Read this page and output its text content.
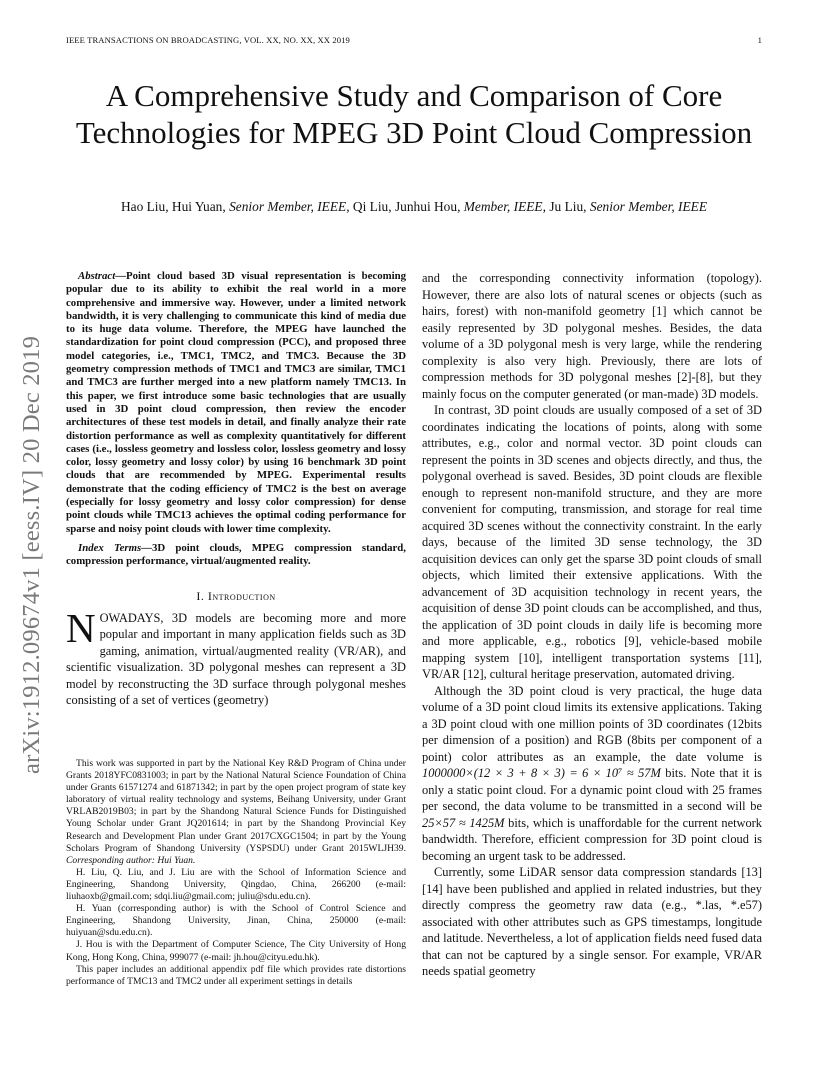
IEEE TRANSACTIONS ON BROADCASTING, VOL. XX, NO. XX, XX 2019	1
arXiv:1912.09674v1 [eess.IV] 20 Dec 2019
A Comprehensive Study and Comparison of Core Technologies for MPEG 3D Point Cloud Compression
Hao Liu, Hui Yuan, Senior Member, IEEE, Qi Liu, Junhui Hou, Member, IEEE, Ju Liu, Senior Member, IEEE

Abstract—Point cloud based 3D visual representation is becoming popular due to its ability to exhibit the real world in a more comprehensive and immersive way. However, under a limited network bandwidth, it is very challenging to communicate this kind of media due to its huge data volume. Therefore, the MPEG have launched the standardization for point cloud compression (PCC), and proposed three model categories, i.e., TMC1, TMC2, and TMC3. Because the 3D geometry compression methods of TMC1 and TMC3 are similar, TMC1 and TMC3 are further merged into a new platform namely TMC13. In this paper, we first introduce some basic technologies that are usually used in 3D point cloud compression, then review the encoder architectures of these test models in detail, and finally analyze their rate distortion performance as well as complexity quantitatively for different cases (i.e., lossless geometry and lossless color, lossless geometry and lossy color, lossy geometry and lossy color) by using 16 benchmark 3D point clouds that are recommended by MPEG. Experimental results demonstrate that the coding efficiency of TMC2 is the best on average (especially for lossy geometry and lossy color compression) for dense point clouds while TMC13 achieves the optimal coding performance for sparse and noisy point clouds with lower time complexity.

Index Terms—3D point clouds, MPEG compression standard, compression performance, virtual/augmented reality.

I. Introduction

NOWADAYS, 3D models are becoming more and more popular and important in many application fields such as 3D gaming, animation, virtual/augmented reality (VR/AR), and scientific visualization. 3D polygonal meshes can represent a 3D model by reconstructing the 3D surface through polygonal meshes consisting of a set of vertices (geometry)

This work was supported in part by the National Key R&D Program of China under Grants 2018YFC0831003; in part by the National Natural Science Foundation of China under Grants 61571274 and 61871342; in part by the open project program of state key laboratory of virtual reality technology and systems, Beihang University, under Grant VRLAB2019B03; in part by the Shandong Natural Science Funds for Distinguished Young Scholar under Grant JQ201614; in part by the Shandong Provincial Key Research and Development Plan under Grant 2017CXGC1504; in part by the Young Scholars Program of Shandong University (YSPSDU) under Grant 2015WLJH39. Corresponding author: Hui Yuan.

H. Liu, Q. Liu, and J. Liu are with the School of Information Science and Engineering, Shandong University, Qingdao, China, 266200 (e-mail: liuhaoxb@gmail.com; sdqi.liu@gmail.com; juliu@sdu.edu.cn).

H. Yuan (corresponding author) is with the School of Control Science and Engineering, Shandong University, Jinan, China, 250000 (e-mail: huiyuan@sdu.edu.cn).

J. Hou is with the Department of Computer Science, The City University of Hong Kong, Hong Kong, China, 999077 (e-mail: jh.hou@cityu.edu.hk).

This paper includes an additional appendix pdf file which provides rate distortions performance of TMC13 and TMC2 under all experiment settings in details

and the corresponding connectivity information (topology). However, there are also lots of natural scenes or objects (such as hairs, forest) with non-manifold geometry [1] which cannot be easily represented by 3D polygonal meshes. Besides, the data volume of a 3D polygonal mesh is very large, while the rendering complexity is also very high. Previously, there are lots of compression methods for 3D polygonal meshes [2]-[8], but they mainly focus on the computer generated (or man-made) 3D models.

In contrast, 3D point clouds are usually composed of a set of 3D coordinates indicating the locations of points, along with some attributes, e.g., color and normal vector. 3D point clouds can represent the points in 3D scenes and objects directly, and thus, the polygonal overhead is saved. Besides, 3D point clouds are flexible enough to represent non-manifold structure, and they are more convenient for computing, transmission, and storage for real time acquired 3D scenes without the connectivity constraint. In the early days, because of the limited 3D sense technology, the 3D acquisition devices can only get the sparse 3D point clouds of small objects, which limited their extensive applications. With the advancement of 3D acquisition technology in recent years, the acquisition of dense 3D point clouds can be accomplished, and thus, the application of 3D point clouds in daily life is becoming more and more applicable, e.g., robotics [9], vehicle-based mobile mapping system [10], intelligent transportation systems [11], VR/AR [12], cultural heritage preservation, automated driving.

Although the 3D point cloud is very practical, the huge data volume of a 3D point cloud limits its extensive applications. Taking a 3D point cloud with one million points of 3D coordinates (12bits per dimension of a position) and RGB (8bits per component of a point) color attributes as an example, the date volume is 1000000×(12 × 3 + 8 × 3) = 6 × 10⁷ ≈ 57M bits. Note that it is only a static point cloud. For a dynamic point cloud with 25 frames per second, the data volume to be transmitted in a second will be 25×57 ≈ 1425M bits, which is unaffordable for the current network bandwidth. Therefore, efficient compression for 3D point cloud is becoming an urgent task to be addressed.

Currently, some LiDAR sensor data compression standards [13][14] have been published and applied in related industries, but they directly compress the geometry raw data (e.g., *.las, *.e57) associated with other attributes such as GPS timestamps, longitude and latitude. Nevertheless, a lot of application fields need fused data that can not be captured by a single sensor. For example, VR/AR needs spatial geometry
